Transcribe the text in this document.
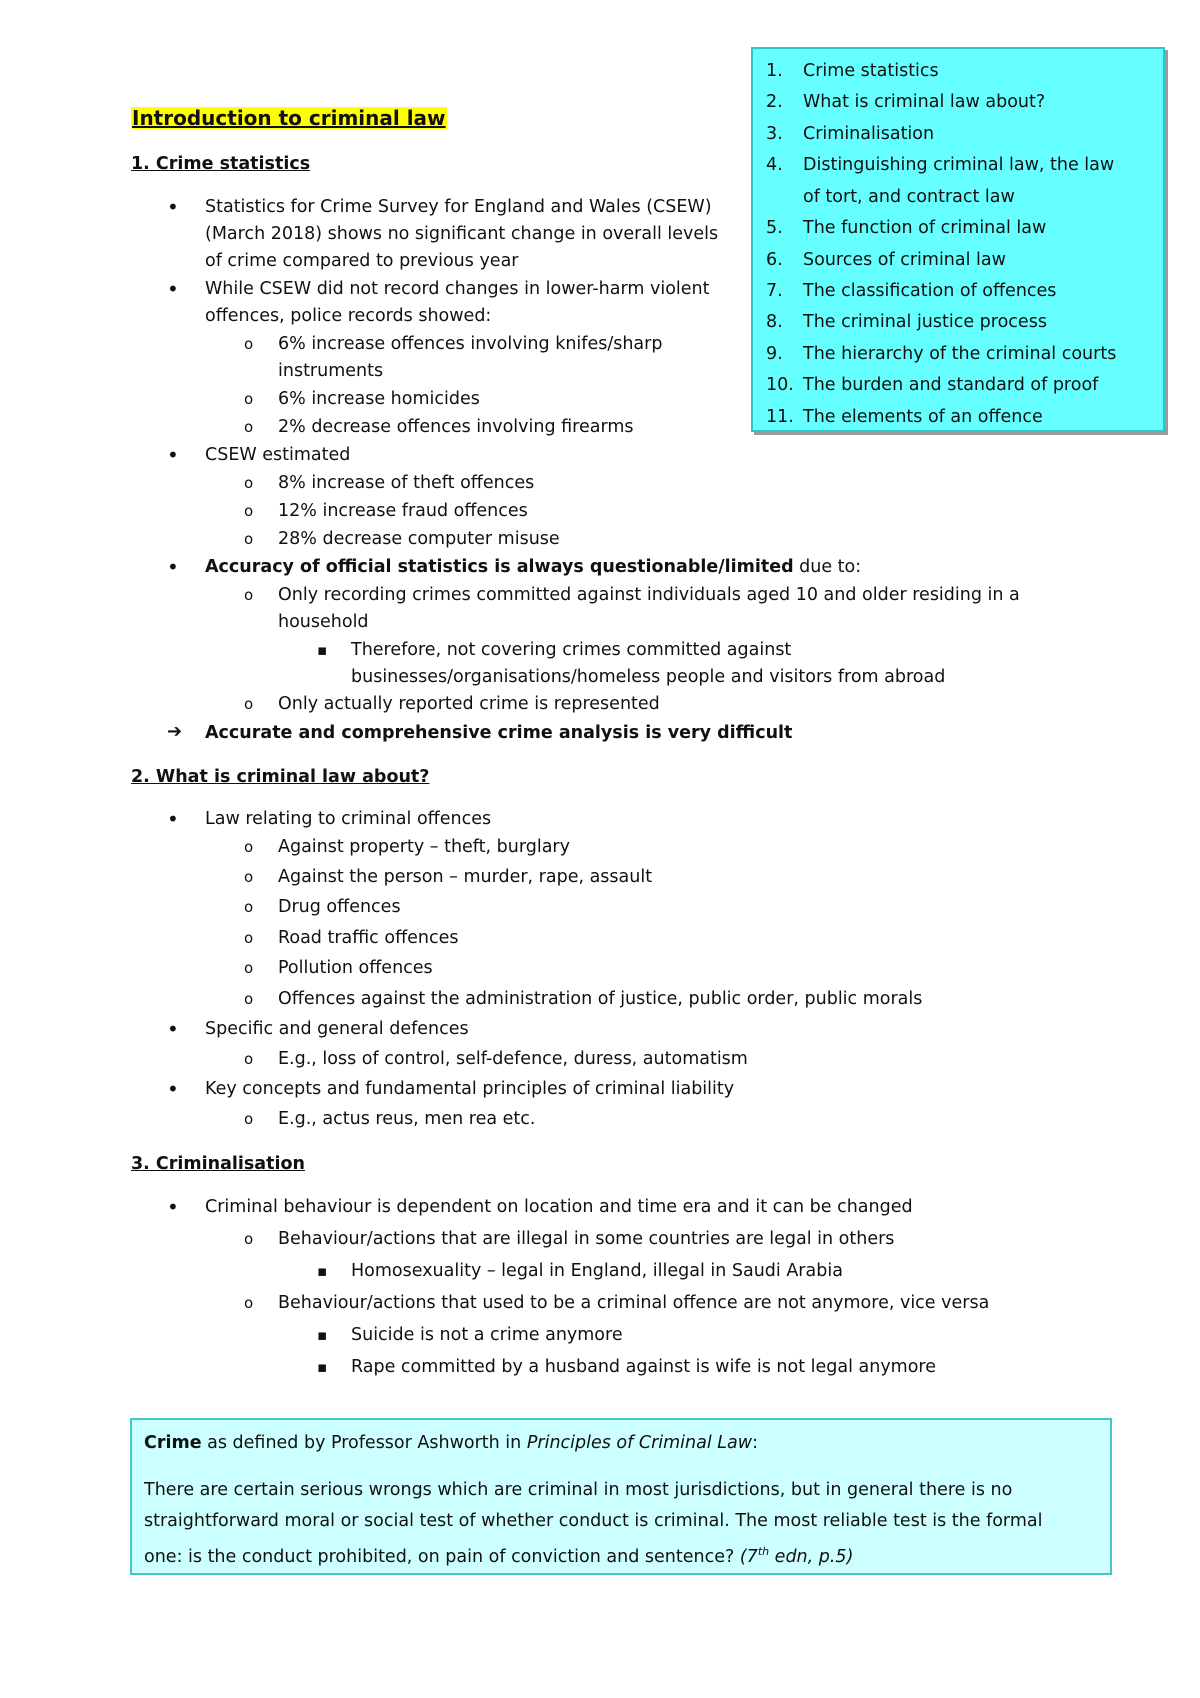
1.	Crime statistics
2.	What is criminal law about?
3.	Criminalisation
4.	Distinguishing criminal law, the law
of tort, and contract law
5.	The function of criminal law
6.	Sources of criminal law
7.	The classification of offences
8.	The criminal justice process
9.	The hierarchy of the criminal courts
10. The burden and standard of proof
11. The elements of an offence
Introduction to criminal law
1. Crime statistics
• Statistics for Crime Survey for England and Wales (CSEW)
(March 2018) shows no significant change in overall levels
of crime compared to previous year
• While CSEW did not record changes in lower-harm violent
offences, police records showed:
o 6% increase offences involving knifes/sharp
instruments
o 6% increase homicides
o 2% decrease offences involving firearms
• CSEW estimated
o 8% increase of theft offences
o 12% increase fraud offences
o 28% decrease computer misuse
• Accuracy of official statistics is always questionable/limited due to:
o Only recording crimes committed against individuals aged 10 and older residing in a
household
▪ Therefore, not covering crimes committed against
businesses/organisations/homeless people and visitors from abroad
o Only actually reported crime is represented
➔ Accurate and comprehensive crime analysis is very difficult
2. What is criminal law about?
• Law relating to criminal offences
o Against property – theft, burglary
o Against the person – murder, rape, assault
o Drug offences
o Road traffic offences
o Pollution offences
o Offences against the administration of justice, public order, public morals
• Specific and general defences
o E.g., loss of control, self-defence, duress, automatism
• Key concepts and fundamental principles of criminal liability
o E.g., actus reus, men rea etc.
3. Criminalisation
• Criminal behaviour is dependent on location and time era and it can be changed
o Behaviour/actions that are illegal in some countries are legal in others
▪ Homosexuality – legal in England, illegal in Saudi Arabia
o Behaviour/actions that used to be a criminal offence are not anymore, vice versa
▪ Suicide is not a crime anymore
▪ Rape committed by a husband against is wife is not legal anymore
Crime as defined by Professor Ashworth in Principles of Criminal Law:
There are certain serious wrongs which are criminal in most jurisdictions, but in general there is no
straightforward moral or social test of whether conduct is criminal. The most reliable test is the formal
one: is the conduct prohibited, on pain of conviction and sentence? (7th edn, p.5)
